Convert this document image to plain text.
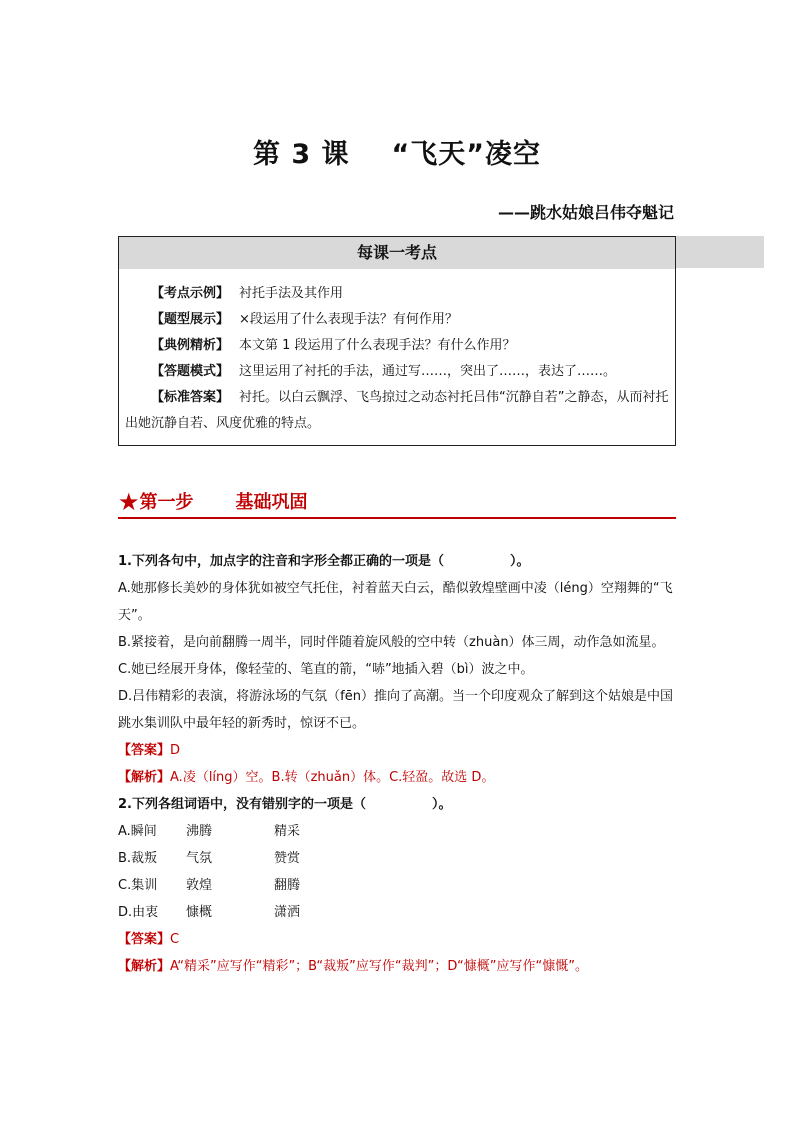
第 3 课 “飞天”凌空
——跳水姑娘吕伟夺魁记
每课一考点
【考点示例】 衬托手法及其作用
【题型展示】 ×段运用了什么表现手法？有何作用？
【典例精析】 本文第 1 段运用了什么表现手法？有什么作用？
【答题模式】 这里运用了衬托的手法，通过写……，突出了……，表达了……。
【标准答案】 衬托。以白云飘浮、飞鸟掠过之动态衬托吕伟“沉静自若”之静态，从而衬托出她沉静自若、风度优雅的特点。
★第一步 基础巩固
1.下列各句中，加点字的注音和字形全都正确的一项是（	）。
A.她那修长美妙的身体犹如被空气托住，衬着蓝天白云，酷似敦煌壁画中凌（léng）空翔舞的“飞天”。
B.紧接着，是向前翻腾一周半，同时伴随着旋风般的空中转（zhuàn）体三周，动作急如流星。
C.她已经展开身体，像轻莹的、笔直的箭，“哧”地插入碧（bì）波之中。
D.吕伟精彩的表演，将游泳场的气氛（fēn）推向了高潮。当一个印度观众了解到这个姑娘是中国跳水集训队中最年轻的新秀时，惊讶不已。
【答案】D
【解析】A.凌（líng）空。B.转（zhuǎn）体。C.轻盈。故选 D。
2.下列各组词语中，没有错别字的一项是（	）。
A.瞬间	沸腾	精采
B.裁叛	气氛	赞赏
C.集训	敦煌	翻腾
D.由衷	慷概	潇洒
【答案】C
【解析】A“精采”应写作“精彩”；B“裁叛”应写作“裁判”；D“慷概”应写作“慷慨”。
